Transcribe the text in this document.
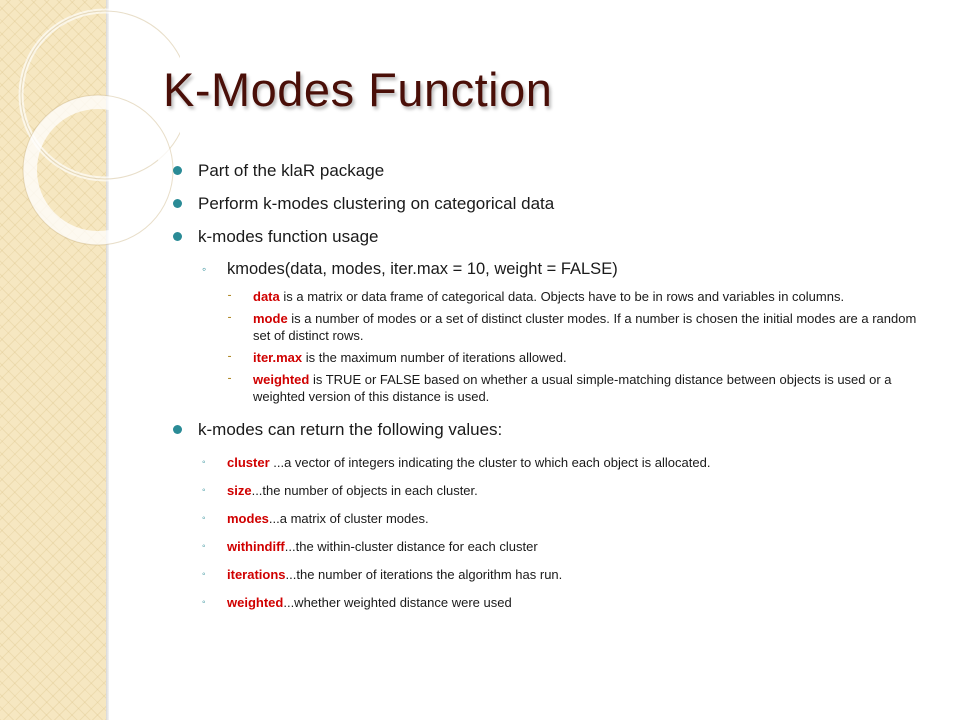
K-Modes Function
Part of the klaR package
Perform k-modes clustering on categorical data
k-modes function usage
◦ kmodes(data, modes, iter.max = 10, weight = FALSE)
⁃ data is a matrix or data frame of categorical data. Objects have to be in rows and variables in columns.
⁃ mode is a number of modes or a set of distinct cluster modes. If a number is chosen the initial modes are a random set of distinct rows.
⁃ iter.max is the maximum number of iterations allowed.
⁃ weighted is TRUE or FALSE based on whether a usual simple-matching distance between objects is used or a weighted version of this distance is used.
k-modes can return the following values:
◦ cluster ...a vector of integers indicating the cluster to which each object is allocated.
◦ size...the number of objects in each cluster.
◦ modes...a matrix of cluster modes.
◦ withindiff...the within-cluster distance for each cluster
◦ iterations...the number of iterations the algorithm has run.
◦ weighted...whether weighted distance were used
